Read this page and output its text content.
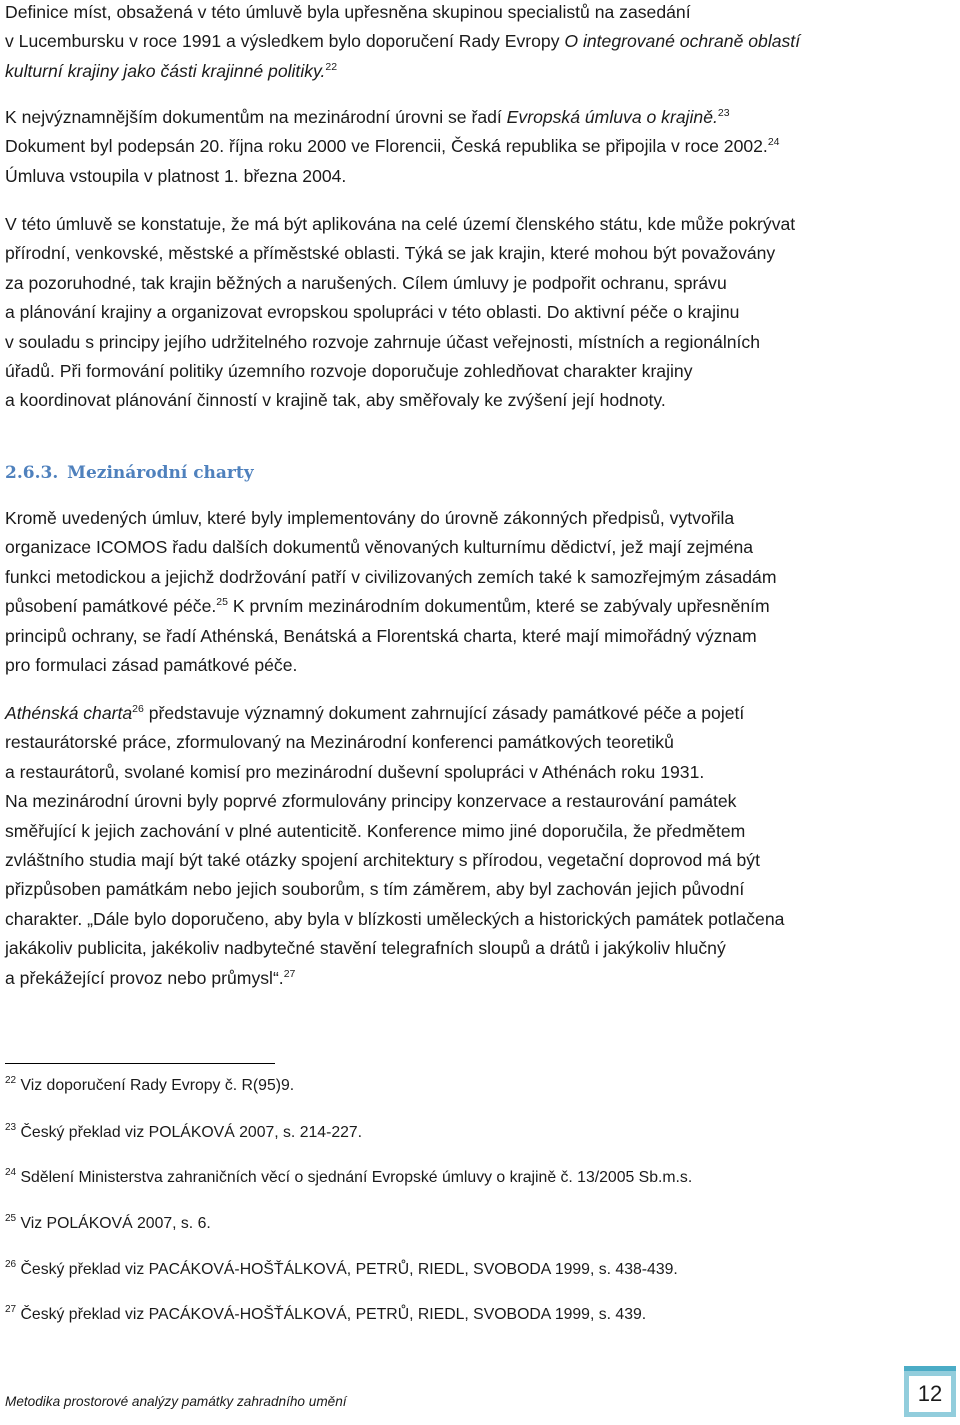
Definice míst, obsažená v této úmluvě byla upřesněna skupinou specialistů na zasedání
v Lucembursku v roce 1991 a výsledkem bylo doporučení Rady Evropy O integrované ochraně oblastí
kulturní krajiny jako části krajinné politiky.$^{22}$

K nejvýznamnějším dokumentům na mezinárodní úrovni se řadí Evropská úmluva o krajině.$^{23}$
Dokument byl podepsán 20. října roku 2000 ve Florencii, Česká republika se připojila v roce 2002.24
Úmluva vstoupila v platnost 1. března 2004.

V této úmluvě se konstatuje, že má být aplikována na celé území členského státu, kde může pokrývat
přírodní, venkovské, městské a příměstské oblasti. Týká se jak krajin, které mohou být považovány
za pozoruhodné, tak krajin běžných a narušených. Cílem úmluvy je podpořit ochranu, správu
a plánování krajiny a organizovat evropskou spolupráci v této oblasti. Do aktivní péče o krajinu
v souladu s principy jejího udržitelného rozvoje zahrnuje účast veřejnosti, místních a regionálních
úřadů. Při formování politiky územního rozvoje doporučuje zohledňovat charakter krajiny
a koordinovat plánování činností v krajině tak, aby směřovaly ke zvýšení její hodnoty.

2.6.3. Mezinárodní charty

Kromě uvedených úmluv, které byly implementovány do úrovně zákonných předpisů, vytvořila
organizace ICOMOS řadu dalších dokumentů věnovaných kulturnímu dědictví, jež mají zejména
funkci metodickou a jejichž dodržování patří v civilizovaných zemích také k samozřejmým zásadám
působení památkové péče.$^{25}$ K prvním mezinárodním dokumentům, které se zabývaly upřesněním
principů ochrany, se řadí Athénská, Benátská a Florentská charta, které mají mimořádný význam
pro formulaci zásad památkové péče.

Athénská charta$^{26}$ představuje významný dokument zahrnující zásady památkové péče a pojetí
restaurátorské práce, zformulovaný na Mezinárodní konferenci památkových teoretiků
a restaurátorů, svolané komisí pro mezinárodní duševní spolupráci v Athénách roku 1931.
Na mezinárodní úrovni byly poprvé zformulovány principy konzervace a restaurování památek
směřující k jejich zachování v plné autenticitě. Konference mimo jiné doporučila, že předmětem
zvláštního studia mají být také otázky spojení architektury s přírodou, vegetační doprovod má být
přizpůsoben památkám nebo jejich souborům, s tím záměrem, aby byl zachován jejich původní
charakter. „Dále bylo doporučeno, aby byla v blízkosti uměleckých a historických památek potlačena
jakákoliv publicita, jakékoliv nadbytečné stavění telegrafních sloupů a drátů i jakýkoliv hlučný
a překážející provoz nebo průmysl“.$^{27}$

$^{22}$ Viz doporučení Rady Evropy č. R(95)9.

$^{23}$ Český překlad viz POLÁKOVÁ 2007, s. 214-227.

$^{24}$ Sdělení Ministerstva zahraničních věcí o sjednání Evropské úmluvy o krajině č. 13/2005 Sb.m.s.

$^{25}$ Viz POLÁKOVÁ 2007, s. 6.

$^{26}$ Český překlad viz PACÁKOVÁ-HOŠŤÁLKOVÁ, PETRŮ, RIEDL, SVOBODA 1999, s. 438-439.

$^{27}$ Český překlad viz PACÁKOVÁ-HOŠŤÁLKOVÁ, PETRŮ, RIEDL, SVOBODA 1999, s. 439.

Metodika prostorové analýzy památky zahradního umění	12
